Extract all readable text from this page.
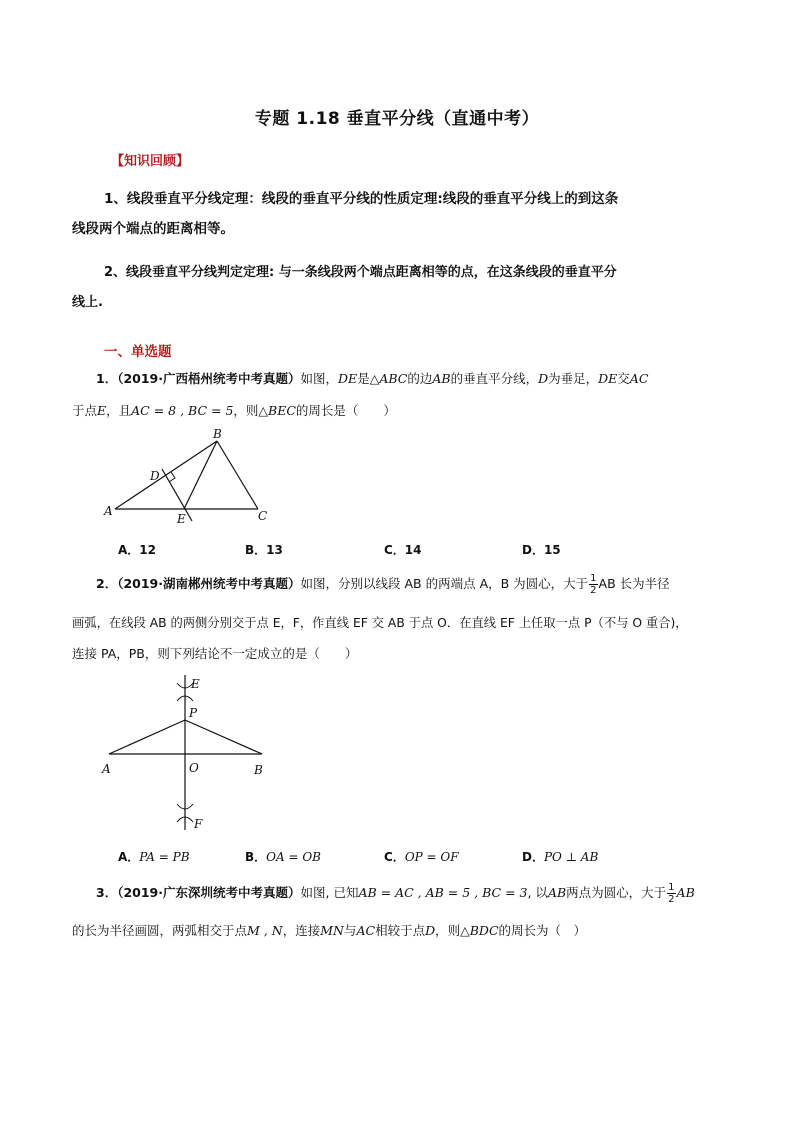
专题 1.18 垂直平分线（直通中考）
【知识回顾】
1、线段垂直平分线定理：线段的垂直平分线的性质定理:线段的垂直平分线上的到这条
线段两个端点的距离相等。
2、线段垂直平分线判定定理: 与一条线段两个端点距离相等的点，在这条线段的垂直平分
线上.
一、单选题
1．（2019·广西梧州统考中考真题）如图，DE是△ABC的边AB的垂直平分线，D为垂足，DE交AC
于点E，且AC = 8 , BC = 5，则△BEC的周长是（　　）
B
D
A
E	C
A．12	B．13	C．14	D．15
2．（2019·湖南郴州统考中考真题）如图，分别以线段 AB 的两端点 A，B 为圆心，大于 $\frac{1}{2}$ AB 长为半径
画弧，在线段 AB 的两侧分别交于点 E，F，作直线 EF 交 AB 于点 O．在直线 EF 上任取一点 P（不与 O 重合)，
连接 PA，PB，则下列结论不一定成立的是（　　）
E
P
A	O	B
F
A．PA = PB	B．OA = OB	C．OP = OF	D．PO ⊥ AB
3．（2019·广东深圳统考中考真题）如图, 已知AB = AC , AB = 5 , BC = 3, 以AB两点为圆心，大于 $\frac{1}{2}$ AB
的长为半径画圆，两弧相交于点M , N，连接MN与AC相较于点D，则△BDC的周长为（　）
